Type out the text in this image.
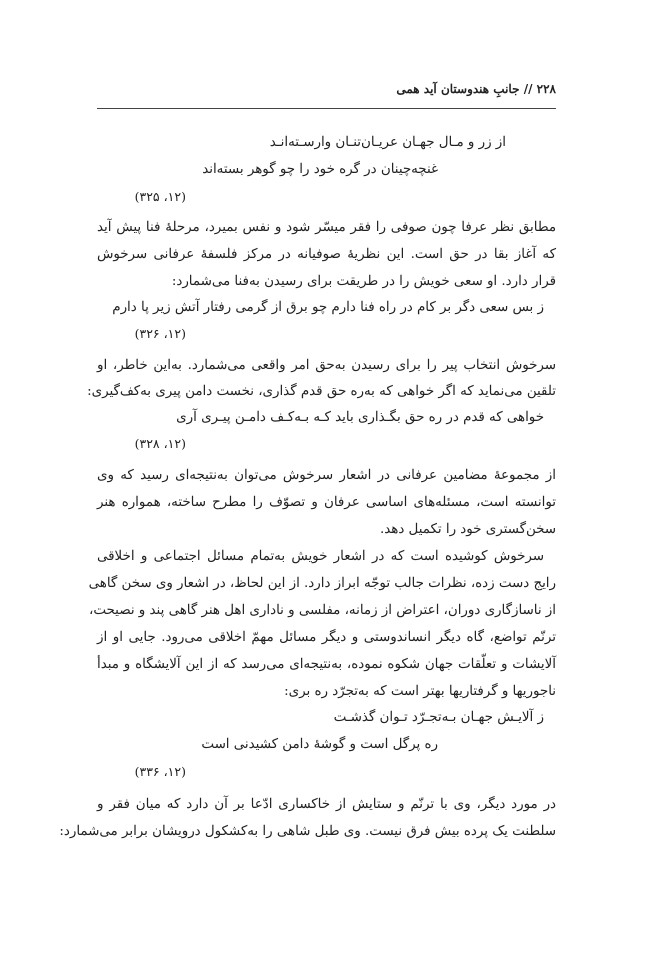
۲۲۸ // جانبِ هندوستان آید همی
از زر و مـال جهـان عریـان‌تنـان وارسـته‌انـد
غنچه‌چینان در گره خود را چو گوهر بسته‌اند
(۱۲، ۳۲۵)
مطابق نظر عرفا چون صوفی را فقر میسّر شود و نفس بمیرد، مرحلهٔ فنا پیش آید
که آغاز بقا در حق است. این نظریهٔ صوفیانه در مرکز فلسفهٔ عرفانی سرخوش
قرار دارد. او سعی خویش را در طریقت برای رسیدن به‌فنا می‌شمارد:
ز بس سعی دگر بر کام در راه فنا دارم چو برق از گرمی رفتار آتش زیر پا دارم
(۱۲، ۳۲۶)
سرخوش انتخاب پیر را برای رسیدن به‌حق امر واقعی می‌شمارد. به‌این خاطر، او
تلقین می‌نماید که اگر خواهی که به‌ره حق قدم گذاری، نخست دامن پیری به‌کف‌گیری:
خواهی که قدم در ره حق بگـذاری باید کـه بـه‌کـف دامـن پیـری آری
(۱۲، ۳۲۸)
از مجموعهٔ مضامین عرفانی در اشعار سرخوش می‌توان به‌نتیجه‌ای رسید که وی
توانسته است، مسئله‌های اساسی عرفان و تصوّف را مطرح ساخته، همواره هنر
سخن‌گستری خود را تکمیل دهد.
سرخوش کوشیده است که در اشعار خویش به‌تمام مسائل اجتماعی و اخلاقی
رایج دست زده، نظرات جالب توجّه ابراز دارد. از این لحاظ، در اشعار وی سخن گاهی
از ناسازگاری دوران، اعتراض از زمانه، مفلسی و ناداری اهل هنر گاهی پند و نصیحت،
ترنّم تواضع، گاه دیگر انساندوستی و دیگر مسائل مهمّ اخلاقی می‌رود. جایی او از
آلایشات و تعلّقات جهان شکوه نموده، به‌نتیجه‌ای می‌رسد که از این آلایشگاه و مبدأ
ناجوریها و گرفتاریها بهتر است که به‌تجرّد ره بری:
ز آلایـش جهـان بـه‌تجـرّد تـوان گذشـت
ره پرگل است و گوشهٔ دامن کشیدنی است
(۱۲، ۳۳۶)
در مورد دیگر، وی با ترنّم و ستایش از خاکساری ادّعا بر آن دارد که میان فقر و
سلطنت یک پرده بیش فرق نیست. وی طبل شاهی را به‌کشکول درویشان برابر می‌شمارد:
